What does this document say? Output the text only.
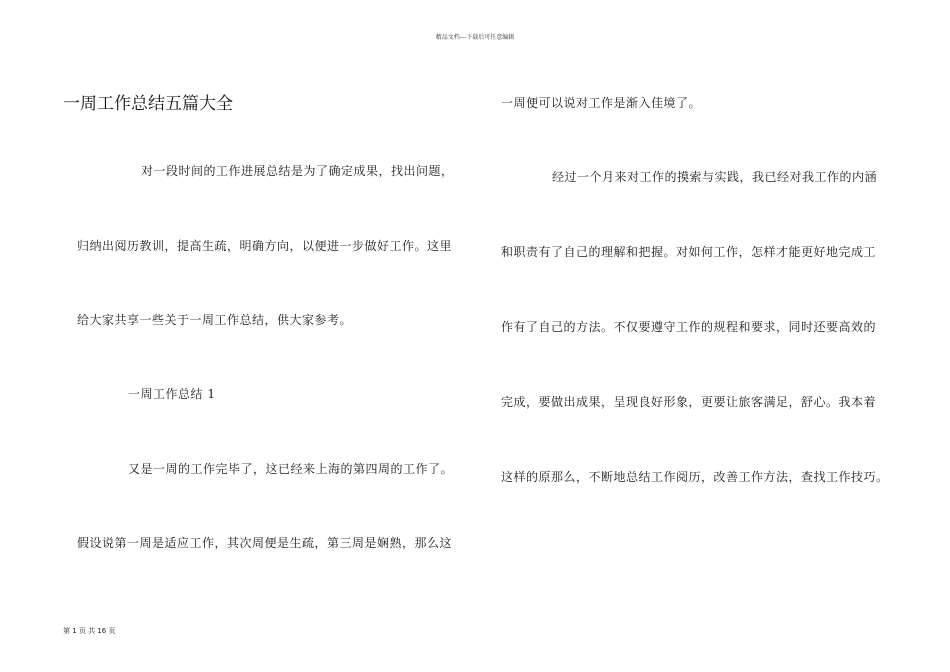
精品文档---下载后可任意编辑
一周工作总结五篇大全
对一段时间的工作进展总结是为了确定成果，找出问题，
归纳出阅历教训，提高生疏，明确方向，以便进一步做好工作。这里
给大家共享一些关于一周工作总结，供大家参考。
一周工作总结 1
又是一周的工作完毕了，这已经来上海的第四周的工作了。
假设说第一周是适应工作，其次周便是生疏，第三周是娴熟，那么这
一周便可以说对工作是渐入佳境了。
经过一个月来对工作的摸索与实践，我已经对我工作的内涵
和职责有了自己的理解和把握。对如何工作，怎样才能更好地完成工
作有了自己的方法。不仅要遵守工作的规程和要求，同时还要高效的
完成，要做出成果，呈现良好形象，更要让旅客满足，舒心。我本着
这样的原那么，不断地总结工作阅历，改善工作方法，查找工作技巧。
第 1 页 共 16 页
